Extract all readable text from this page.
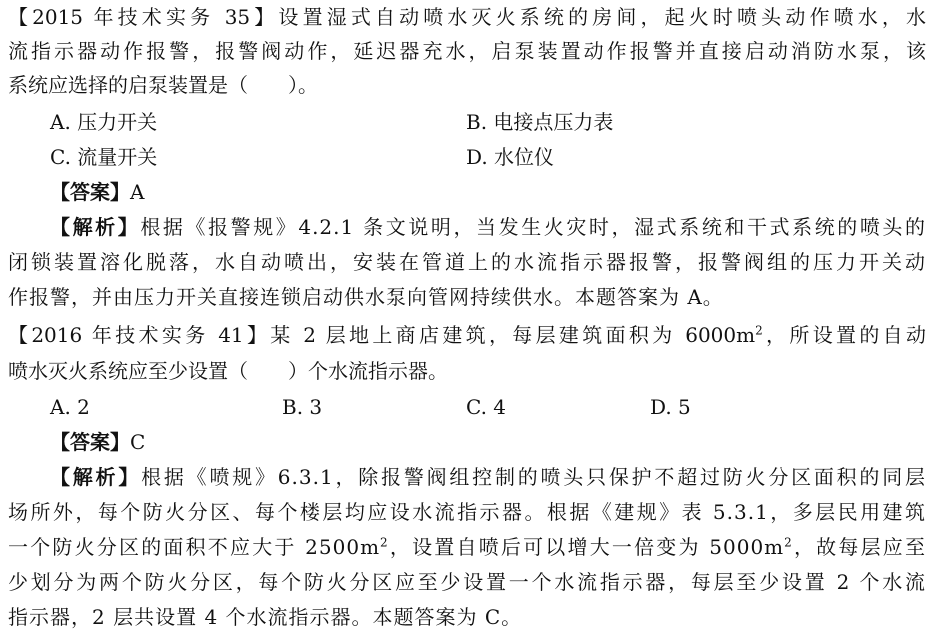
【2015 年技术实务 35】设置湿式自动喷水灭火系统的房间，起火时喷头动作喷水，水
流指示器动作报警，报警阀动作，延迟器充水，启泵装置动作报警并直接启动消防水泵，该
系统应选择的启泵装置是（　　）。
A. 压力开关	B. 电接点压力表
C. 流量开关	D. 水位仪
【答案】A
【解析】根据《报警规》4.2.1 条文说明，当发生火灾时，湿式系统和干式系统的喷头的
闭锁装置溶化脱落，水自动喷出，安装在管道上的水流指示器报警，报警阀组的压力开关动
作报警，并由压力开关直接连锁启动供水泵向管网持续供水。本题答案为 A。
【2016 年技术实务 41】某 2 层地上商店建筑，每层建筑面积为 $6000m^2$，所设置的自动
喷水灭火系统应至少设置（　　）个水流指示器。
A. 2	B. 3	C. 4	D. 5
【答案】C
【解析】根据《喷规》6.3.1，除报警阀组控制的喷头只保护不超过防火分区面积的同层
场所外，每个防火分区、每个楼层均应设水流指示器。根据《建规》表 5.3.1，多层民用建筑
一个防火分区的面积不应大于 $2500m^2$，设置自喷后可以增大一倍变为 $5000m^2$，故每层应至
少划分为两个防火分区，每个防火分区应至少设置一个水流指示器，每层至少设置 2 个水流
指示器，2 层共设置 4 个水流指示器。本题答案为 C。
